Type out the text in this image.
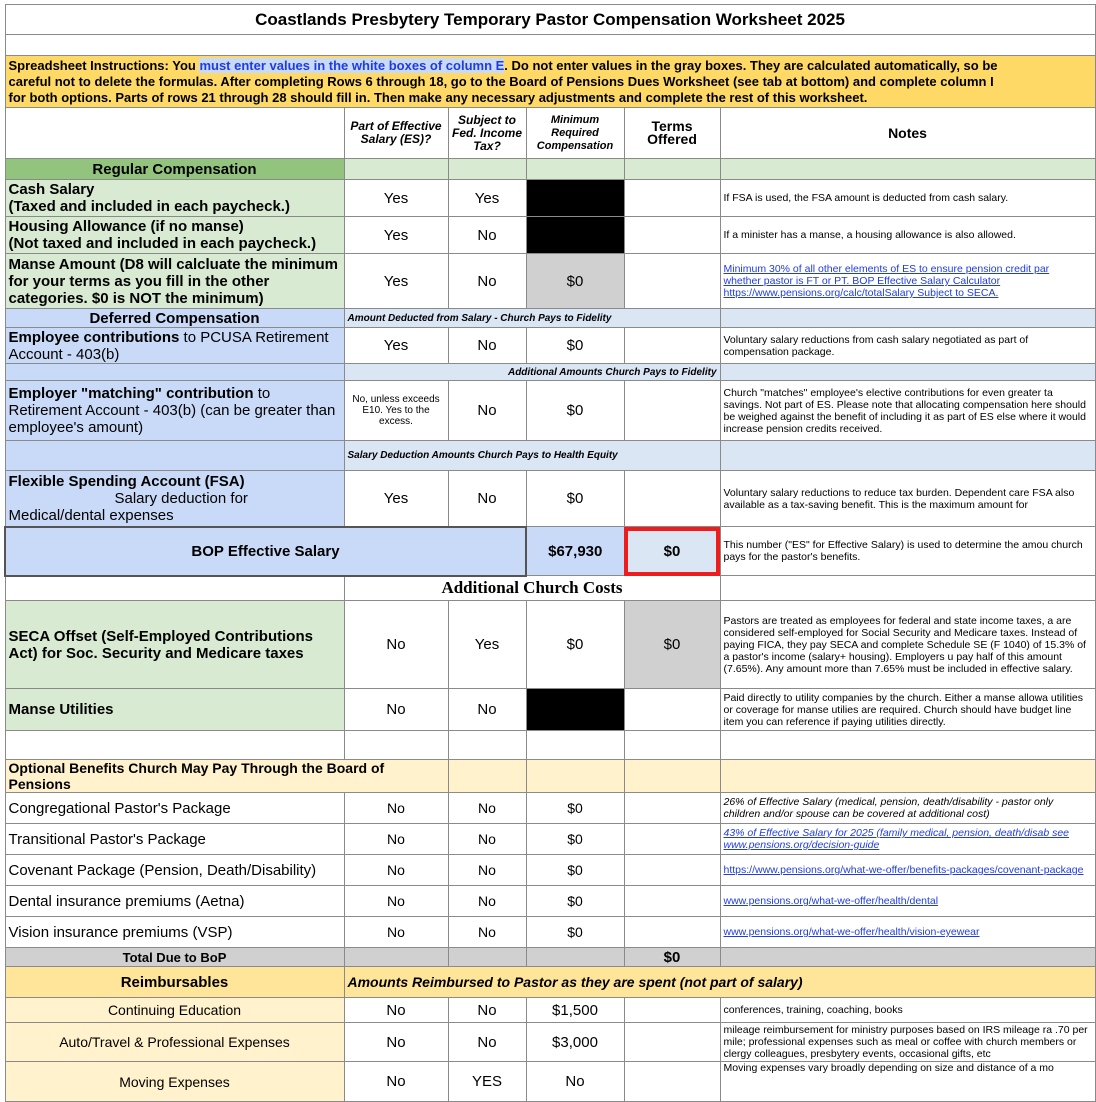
Coastlands Presbytery Temporary Pastor Compensation Worksheet 2025					

Spreadsheet Instructions: You must enter values in the white boxes of column E. Do not enter values in the gray boxes. They are calculated automatically, so be
careful not to delete the formulas. After completing Rows 6 through 18, go to the Board of Pensions Dues Worksheet (see tab at bottom) and complete column I
for both options. Parts of rows 21 through 28 should fill in. Then make any necessary adjustments and complete the rest of this worksheet.					

	Part of Effective Salary (ES)?	Subject to Fed. Income Tax?	Minimum Required Compensation	Terms Offered	Notes
Regular Compensation					
Cash Salary
(Taxed and included in each paycheck.)	Yes	Yes			If FSA is used, the FSA amount is deducted from cash salary.
Housing Allowance (if no manse)
(Not taxed and included in each paycheck.)	Yes	No			If a minister has a manse, a housing allowance is also allowed.
Manse Amount (D8 will calcluate the minimum for your terms as you fill in the other categories. $0 is NOT the minimum)	Yes	No	$0		Minimum 30% of all other elements of ES to ensure pension credit par
whether pastor is FT or PT. BOP Effective Salary Calculator
https://www.pensions.org/calc/totalSalary Subject to SECA.

Deferred Compensation	Amount Deducted from Salary - Church Pays to Fidelity				
Employee contributions to PCUSA Retirement Account - 403(b)	Yes	No	$0		Voluntary salary reductions from cash salary negotiated as part of compensation package.
	Additional Amounts Church Pays to Fidelity				
Employer "matching" contribution to Retirement Account - 403(b) (can be greater than employee's amount)	No, unless exceeds E10. Yes to the excess.	No	$0		Church "matches" employee's elective contributions for even greater ta savings. Not part of ES. Please note that allocating compensation here should be weighed against the benefit of including it as part of ES else where it would increase pension credits received.
	Salary Deduction Amounts Church Pays to Health Equity				
Flexible Spending Account (FSA)
Salary deduction for
Medical/dental expenses	Yes	No	$0		Voluntary salary reductions to reduce tax burden. Dependent care FSA also available as a tax-saving benefit. This is the maximum amount for
BOP Effective Salary			$67,930	$0	This number ("ES" for Effective Salary) is used to determine the amou church pays for the pastor's benefits.
	Additional Church Costs				
SECA Offset (Self-Employed Contributions Act) for Soc. Security and Medicare taxes	No	Yes	$0	$0	Pastors are treated as employees for federal and state income taxes, a are considered self-employed for Social Security and Medicare taxes. Instead of paying FICA, they pay SECA and complete Schedule SE (F 1040) of 15.3% of a pastor's income (salary+ housing). Employers u pay half of this amount (7.65%). Any amount more than 7.65% must be included in effective salary.
Manse Utilities	No	No			Paid directly to utility companies by the church. Either a manse allowa utilities or coverage for manse utilies are required. Church should have budget line item you can reference if paying utilities directly.

Optional Benefits Church May Pay Through the Board of Pensions					
Congregational Pastor's Package	No	No	$0		26% of Effective Salary (medical, pension, death/disability - pastor only children and/or spouse can be covered at additional cost)
Transitional Pastor's Package	No	No	$0		43% of Effective Salary for 2025 (family medical, pension, death/disab see www.pensions.org/decision-guide
Covenant Package (Pension, Death/Disability)	No	No	$0		https://www.pensions.org/what-we-offer/benefits-packages/covenant-package
Dental insurance premiums (Aetna)	No	No	$0		www.pensions.org/what-we-offer/health/dental
Vision insurance premiums (VSP)	No	No	$0		www.pensions.org/what-we-offer/health/vision-eyewear
Total Due to BoP				$0	
Reimbursables	Amounts Reimbursed to Pastor as they are spent (not part of salary)				
Continuing Education	No	No	$1,500		conferences, training, coaching, books
Auto/Travel & Professional Expenses	No	No	$3,000		mileage reimbursement for ministry purposes based on IRS mileage ra .70 per mile; professional expenses such as meal or coffee with church members or clergy colleagues, presbytery events, occasional gifts, etc
Moving Expenses	No	YES	No		Moving expenses vary broadly depending on size and distance of a mo
